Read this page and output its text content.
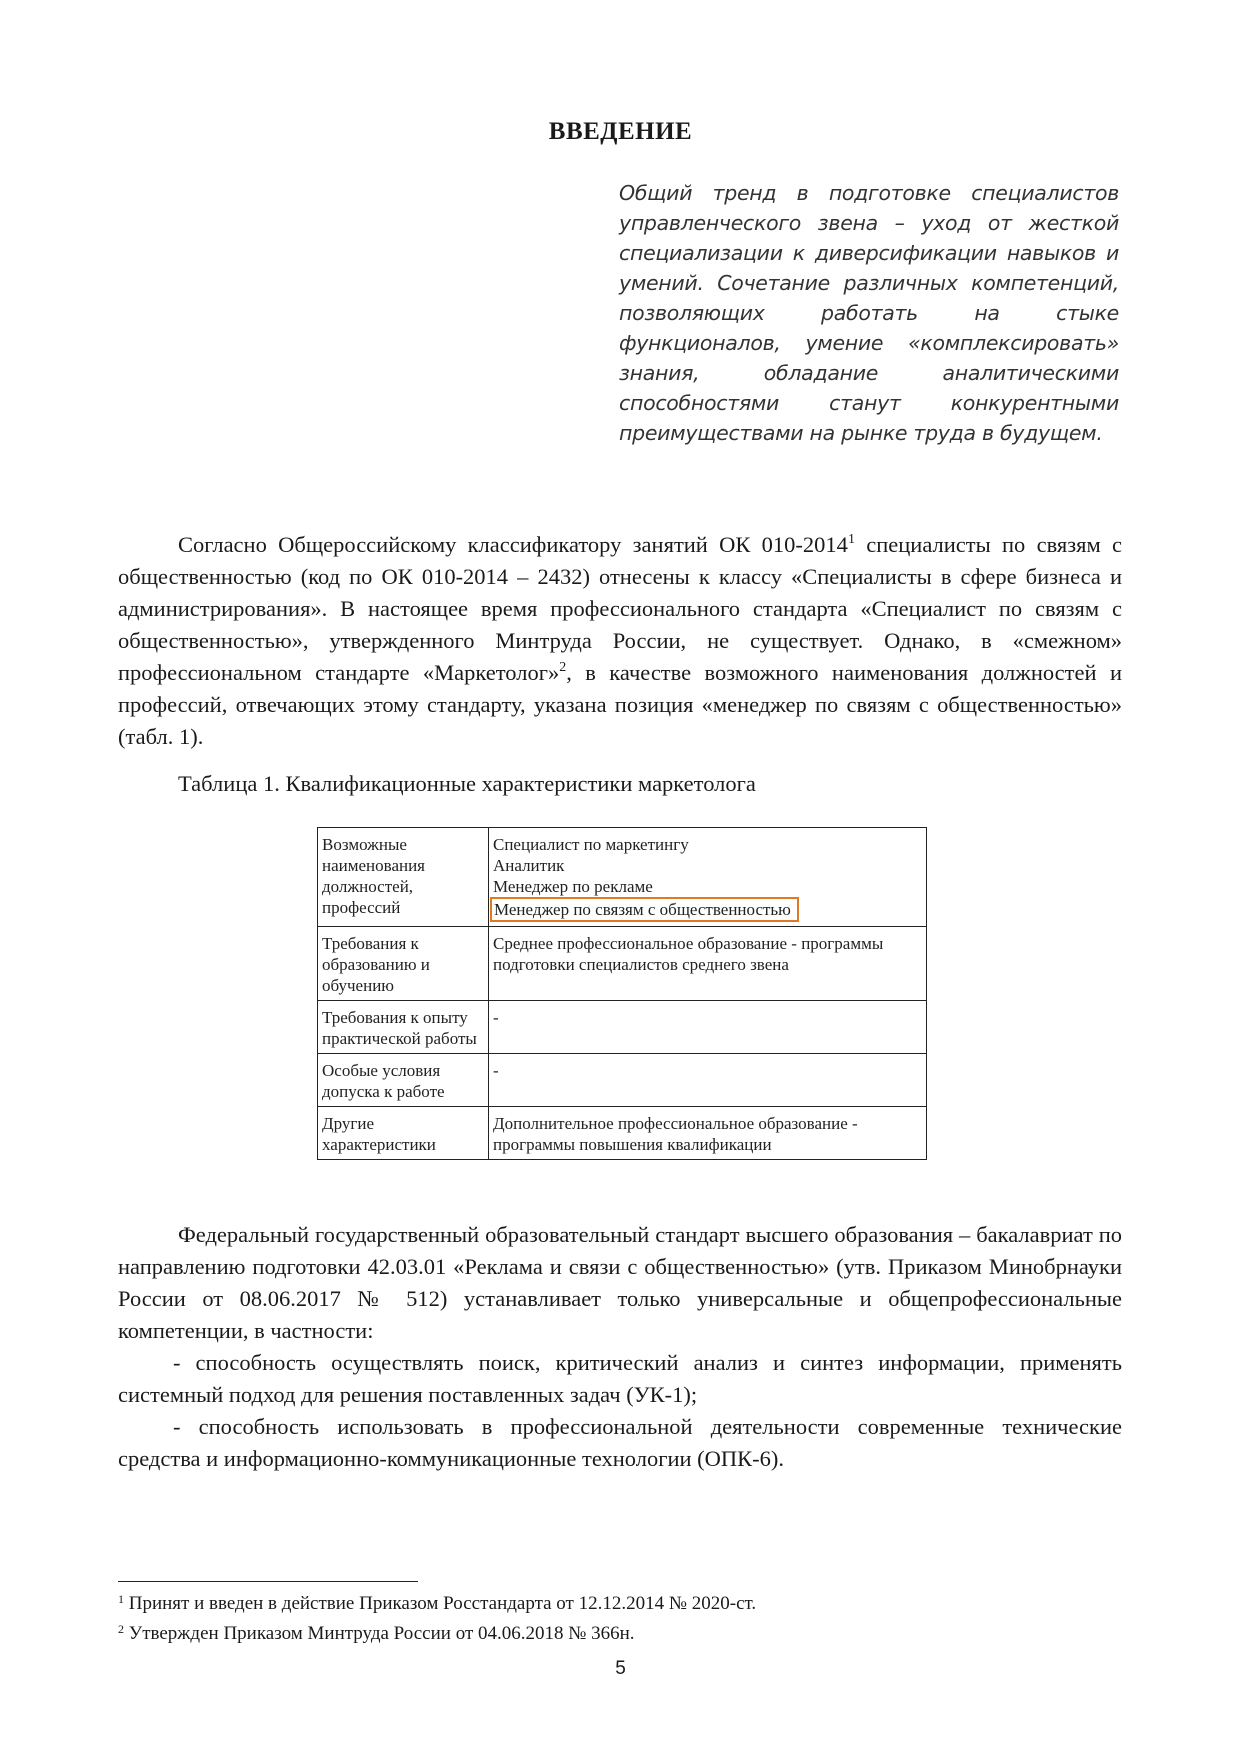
ВВЕДЕНИЕ

Общий тренд в подготовке специалистов управленческого звена – уход от жесткой специализации к диверсификации навыков и умений. Сочетание различных компетенций, позволяющих работать на стыке функционалов, умение «комплексировать» знания, обладание аналитическими способностями станут конкурентными преимуществами на рынке труда в будущем.

Согласно Общероссийскому классификатору занятий ОК 010-2014$^1$ специалисты по связям с общественностью (код по ОК 010-2014 – 2432) отнесены к классу «Специалисты в сфере бизнеса и администрирования». В настоящее время профессионального стандарта «Специалист по связям с общественностью», утвержденного Минтруда России, не существует. Однако, в «смежном» профессиональном стандарте «Маркетолог»$^2$, в качестве возможного наименования должностей и профессий, отвечающих этому стандарту, указана позиция «менеджер по связям с общественностью» (табл. 1).

Таблица 1. Квалификационные характеристики маркетолога

Возможные наименования должностей, профессий	Специалист по маркетингу
Аналитик
Менеджер по рекламе
Менеджер по связям с общественностью
Требования к образованию и обучению	Среднее профессиональное образование - программы подготовки специалистов среднего звена
Требования к опыту практической работы	-
Особые условия допуска к работе	-
Другие характеристики	Дополнительное профессиональное образование - программы повышения квалификации

Федеральный государственный образовательный стандарт высшего образования – бакалавриат по направлению подготовки 42.03.01 «Реклама и связи с общественностью» (утв. Приказом Минобрнауки России от 08.06.2017 № 512) устанавливает только универсальные и общепрофессиональные компетенции, в частности:

- способность осуществлять поиск, критический анализ и синтез информации, применять системный подход для решения поставленных задач (УК-1);

- способность использовать в профессиональной деятельности современные технические средства и информационно-коммуникационные технологии (ОПК-6).

$^1$ Принят и введен в действие Приказом Росстандарта от 12.12.2014 № 2020-ст.

$^2$ Утвержден Приказом Минтруда России от 04.06.2018 № 366н.

5
